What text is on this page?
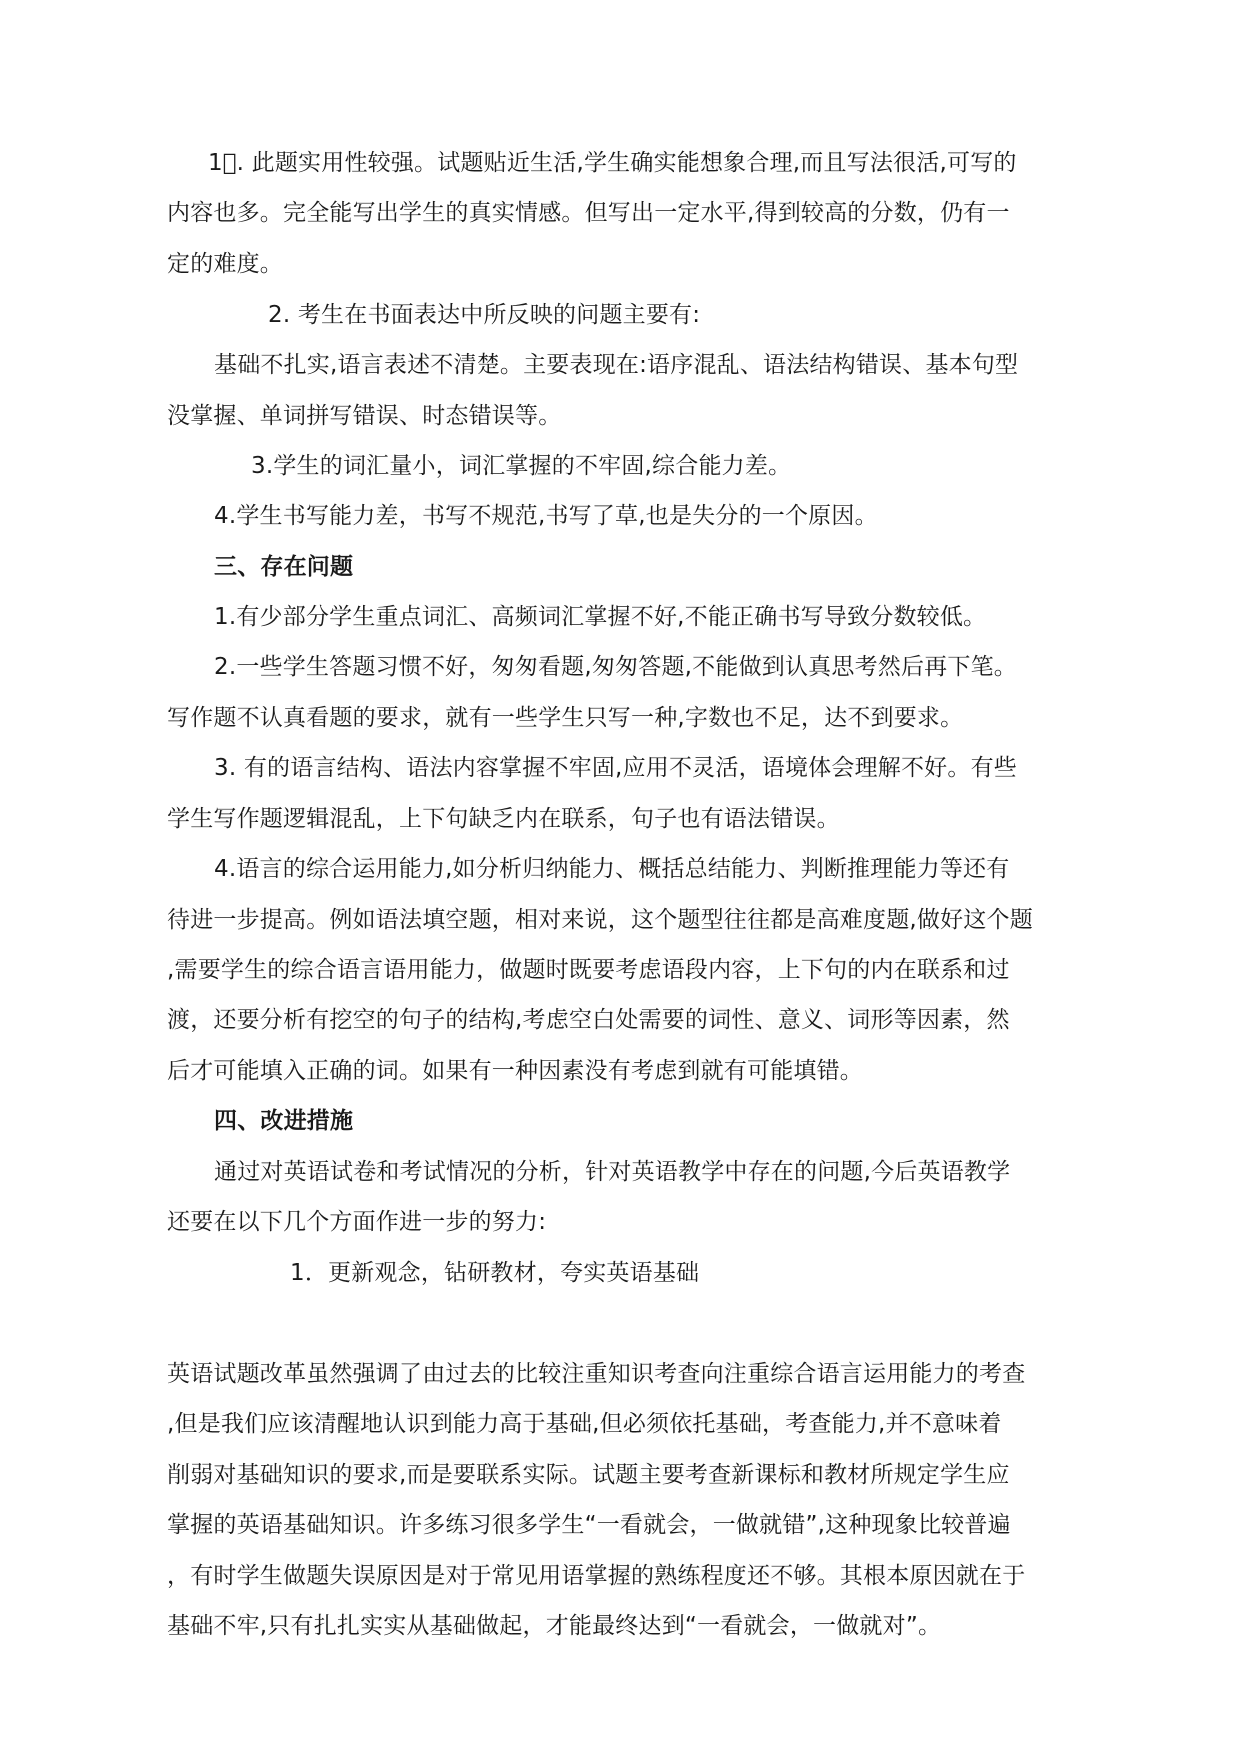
1⃪. 此题实用性较强。试题贴近生活,学生确实能想象合理,而且写法很活,可写的
内容也多。完全能写出学生的真实情感。但写出一定水平,得到较高的分数，仍有一
定的难度。
2. 考生在书面表达中所反映的问题主要有:
基础不扎实,语言表述不清楚。主要表现在:语序混乱、语法结构错误、基本句型
没掌握、单词拼写错误、时态错误等。
3.学生的词汇量小，词汇掌握的不牢固,综合能力差。
4.学生书写能力差，书写不规范,书写了草,也是失分的一个原因。
三、存在问题
1.有少部分学生重点词汇、高频词汇掌握不好,不能正确书写导致分数较低。
2.一些学生答题习惯不好，匆匆看题,匆匆答题,不能做到认真思考然后再下笔。
写作题不认真看题的要求，就有一些学生只写一种,字数也不足，达不到要求。
3. 有的语言结构、语法内容掌握不牢固,应用不灵活，语境体会理解不好。有些
学生写作题逻辑混乱，上下句缺乏内在联系，句子也有语法错误。
4.语言的综合运用能力,如分析归纳能力、概括总结能力、判断推理能力等还有
待进一步提高。例如语法填空题，相对来说，这个题型往往都是高难度题,做好这个题
,需要学生的综合语言语用能力，做题时既要考虑语段内容，上下句的内在联系和过
渡，还要分析有挖空的句子的结构,考虑空白处需要的词性、意义、词形等因素，然
后才可能填入正确的词。如果有一种因素没有考虑到就有可能填错。
四、改进措施
通过对英语试卷和考试情况的分析，针对英语教学中存在的问题,今后英语教学
还要在以下几个方面作进一步的努力:
1．更新观念，钻研教材，夸实英语基础
英语试题改革虽然强调了由过去的比较注重知识考查向注重综合语言运用能力的考查
,但是我们应该清醒地认识到能力高于基础,但必须依托基础，考查能力,并不意味着
削弱对基础知识的要求,而是要联系实际。试题主要考查新课标和教材所规定学生应
掌握的英语基础知识。许多练习很多学生“一看就会，一做就错”,这种现象比较普遍
，有时学生做题失误原因是对于常见用语掌握的熟练程度还不够。其根本原因就在于
基础不牢,只有扎扎实实从基础做起，才能最终达到“一看就会，一做就对”。
